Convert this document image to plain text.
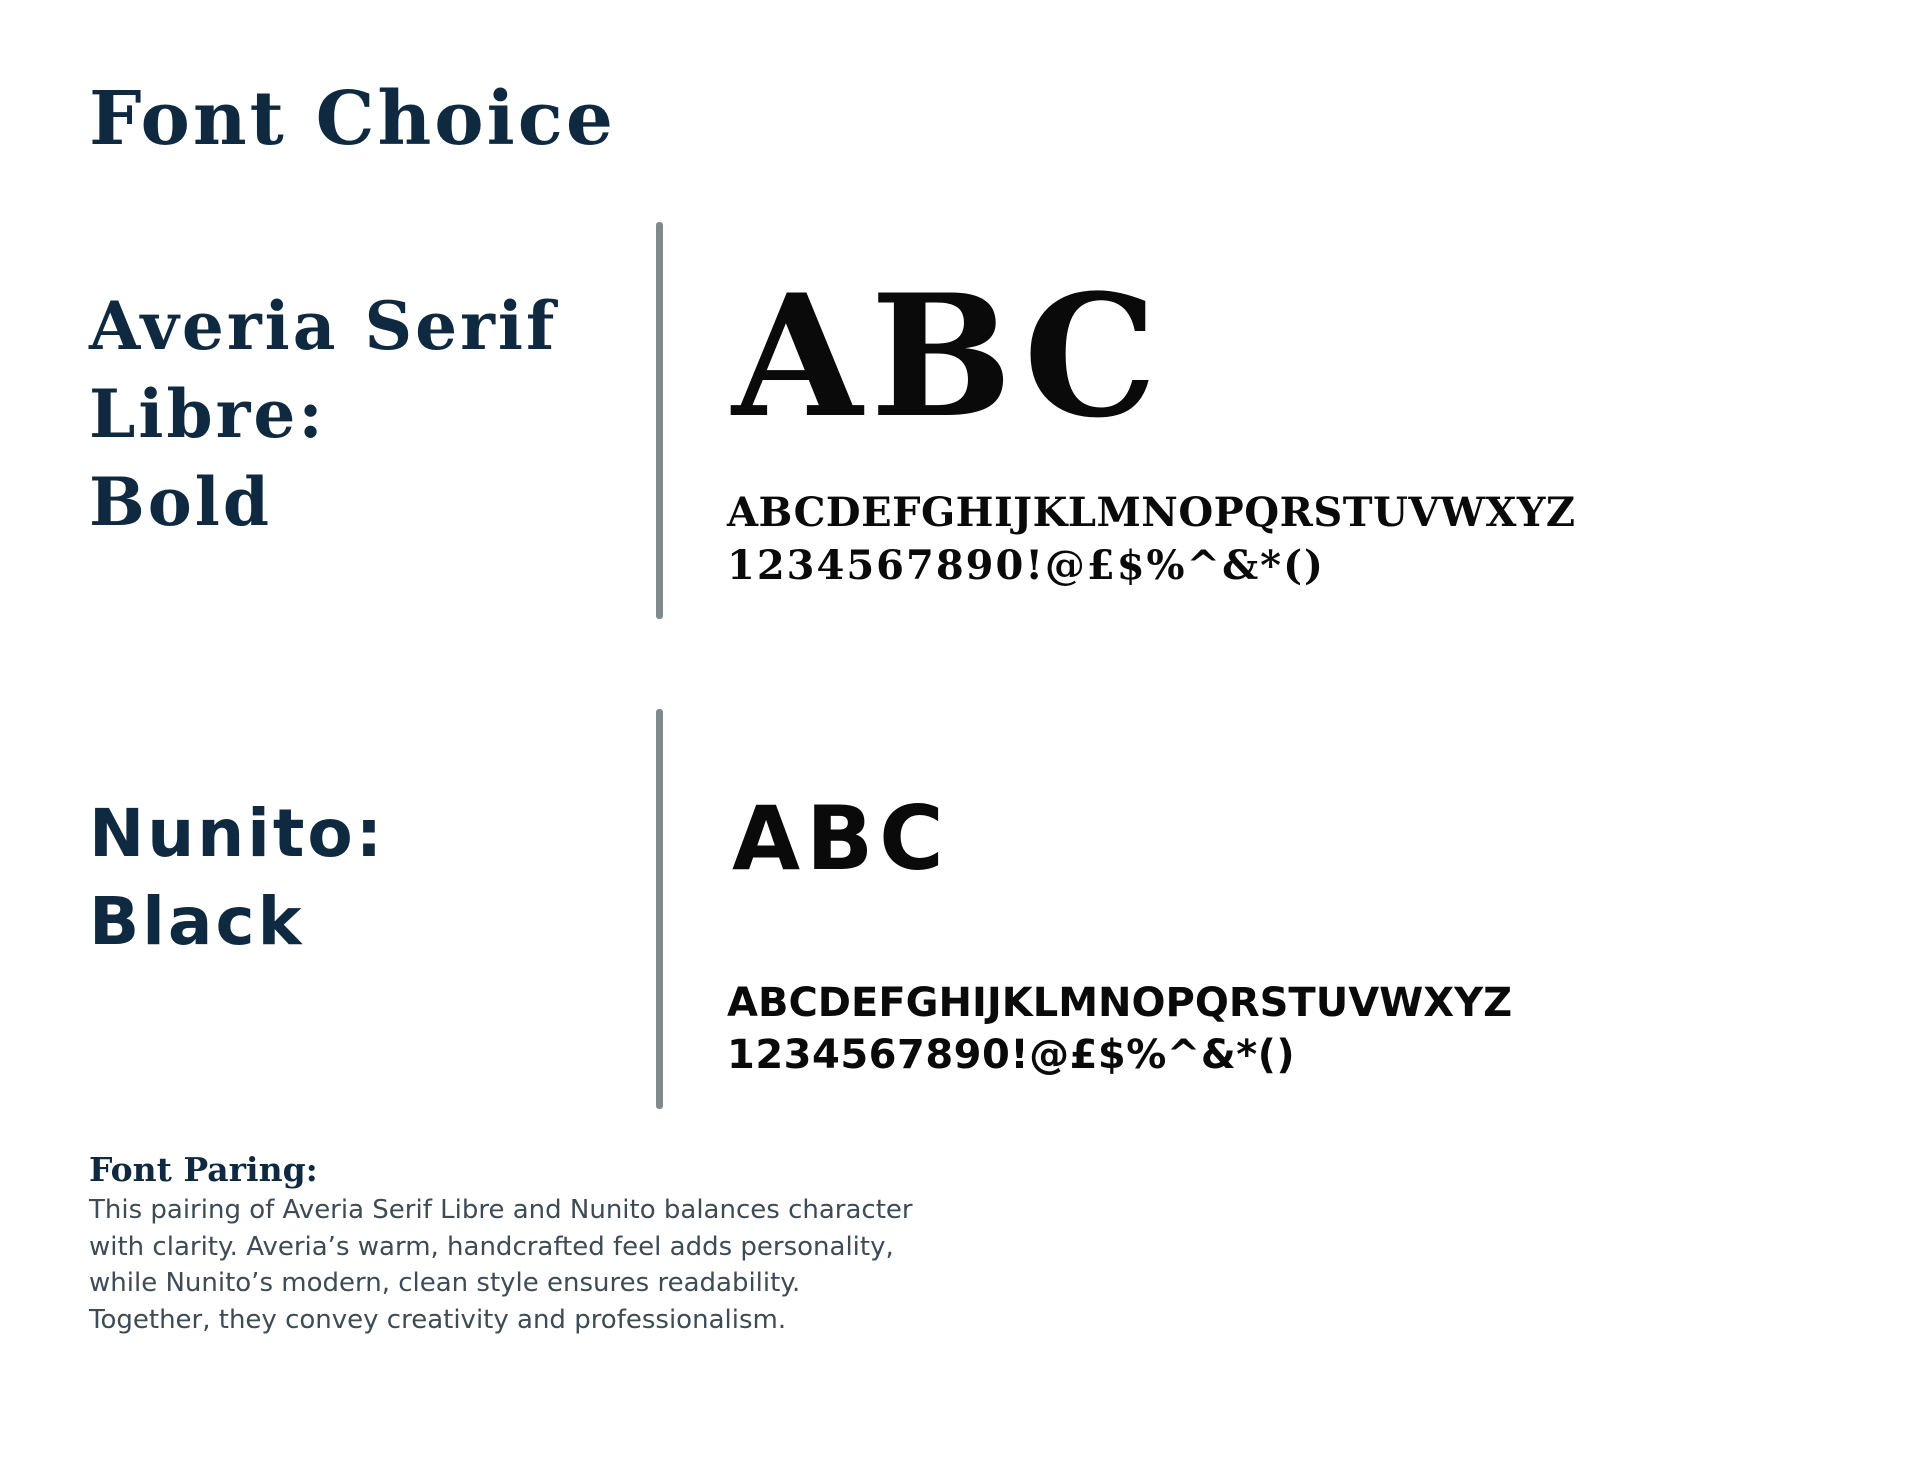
Font Choice
Averia Serif
Libre:
Bold
ABC
ABCDEFGHIJKLMNOPQRSTUVWXYZ
1234567890!@£$%^&*()
Nunito:
Black
ABC
ABCDEFGHIJKLMNOPQRSTUVWXYZ
1234567890!@£$%^&*()
Font Paring:

This pairing of Averia Serif Libre and Nunito balances character
with clarity. Averia’s warm, handcrafted feel adds personality,
while Nunito’s modern, clean style ensures readability.
Together, they convey creativity and professionalism.
